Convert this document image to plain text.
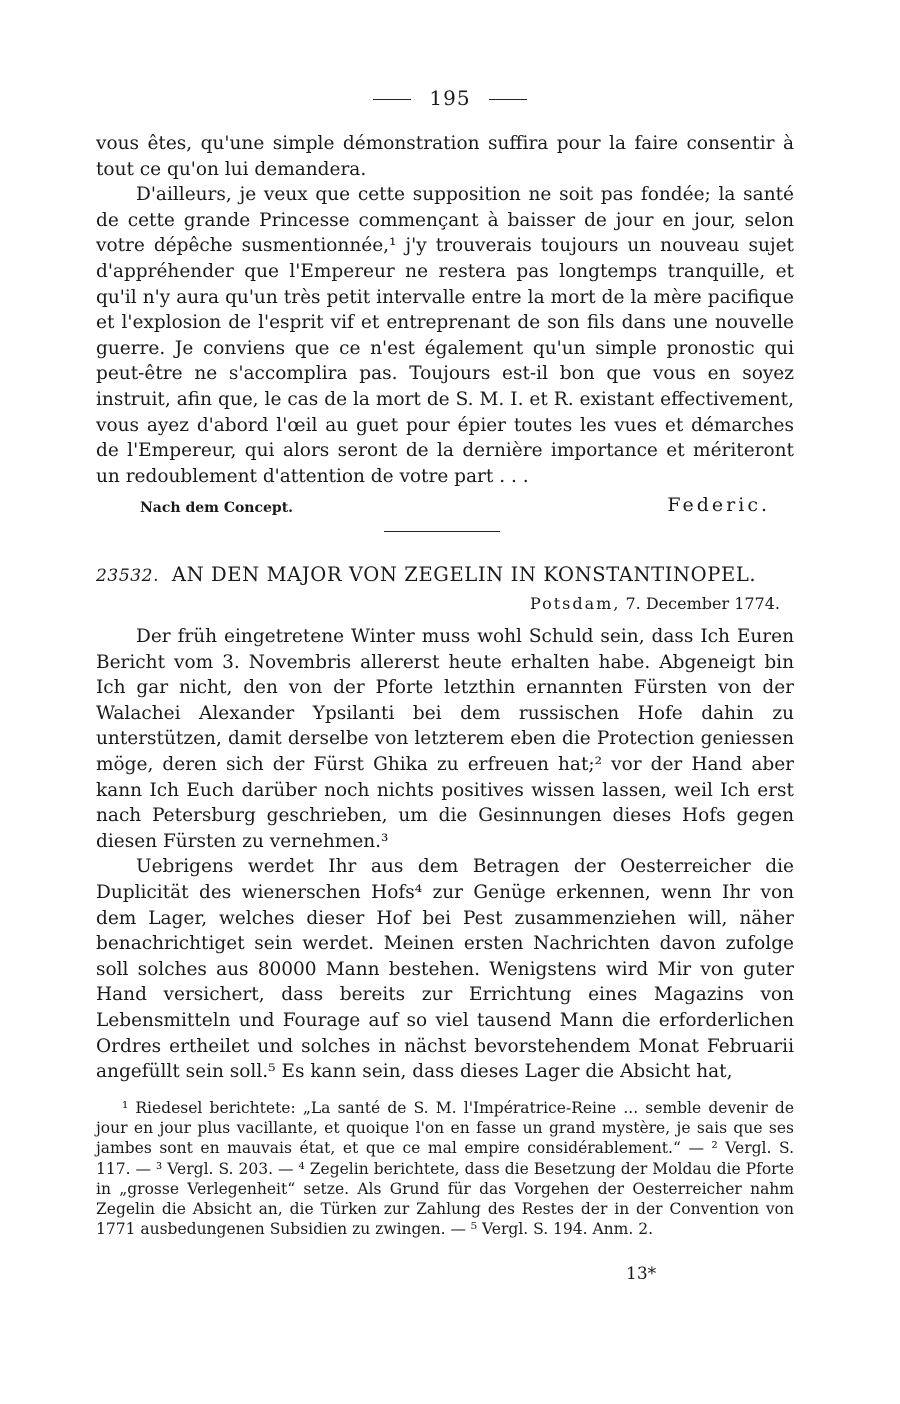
195

vous êtes, qu'une simple démonstration suffira pour la faire consentir à tout ce qu'on lui demandera.

D'ailleurs, je veux que cette supposition ne soit pas fondée; la santé de cette grande Princesse commençant à baisser de jour en jour, selon votre dépêche susmentionnée,¹ j'y trouverais toujours un nouveau sujet d'appréhender que l'Empereur ne restera pas longtemps tranquille, et qu'il n'y aura qu'un très petit intervalle entre la mort de la mère pacifique et l'explosion de l'esprit vif et entreprenant de son fils dans une nouvelle guerre. Je conviens que ce n'est également qu'un simple pronostic qui peut-être ne s'accomplira pas. Toujours est-il bon que vous en soyez instruit, afin que, le cas de la mort de S. M. I. et R. existant effectivement, vous ayez d'abord l'œil au guet pour épier toutes les vues et démarches de l'Empereur, qui alors seront de la dernière importance et mériteront un redoublement d'attention de votre part . . .

Nach dem Concept.	Federic.
23532. AN DEN MAJOR VON ZEGELIN IN KONSTANTINOPEL.
Potsdam, 7. December 1774.

Der früh eingetretene Winter muss wohl Schuld sein, dass Ich Euren Bericht vom 3. Novembris allererst heute erhalten habe. Abgeneigt bin Ich gar nicht, den von der Pforte letzthin ernannten Fürsten von der Walachei Alexander Ypsilanti bei dem russischen Hofe dahin zu unterstützen, damit derselbe von letzterem eben die Protection geniessen möge, deren sich der Fürst Ghika zu erfreuen hat;² vor der Hand aber kann Ich Euch darüber noch nichts positives wissen lassen, weil Ich erst nach Petersburg geschrieben, um die Gesinnungen dieses Hofs gegen diesen Fürsten zu vernehmen.³

Uebrigens werdet Ihr aus dem Betragen der Oesterreicher die Duplicität des wienerschen Hofs⁴ zur Genüge erkennen, wenn Ihr von dem Lager, welches dieser Hof bei Pest zusammenziehen will, näher benachrichtiget sein werdet. Meinen ersten Nachrichten davon zufolge soll solches aus 80000 Mann bestehen. Wenigstens wird Mir von guter Hand versichert, dass bereits zur Errichtung eines Magazins von Lebensmitteln und Fourage auf so viel tausend Mann die erforderlichen Ordres ertheilet und solches in nächst bevorstehendem Monat Februarii angefüllt sein soll.⁵ Es kann sein, dass dieses Lager die Absicht hat,

¹ Riedesel berichtete: „La santé de S. M. l'Impératrice-Reine ... semble devenir de jour en jour plus vacillante, et quoique l'on en fasse un grand mystère, je sais que ses jambes sont en mauvais état, et que ce mal empire considérablement.“ — ² Vergl. S. 117. — ³ Vergl. S. 203. — ⁴ Zegelin berichtete, dass die Besetzung der Moldau die Pforte in „grosse Verlegenheit“ setze. Als Grund für das Vorgehen der Oesterreicher nahm Zegelin die Absicht an, die Türken zur Zahlung des Restes der in der Convention von 1771 ausbedungenen Subsidien zu zwingen. — ⁵ Vergl. S. 194. Anm. 2.

13*
